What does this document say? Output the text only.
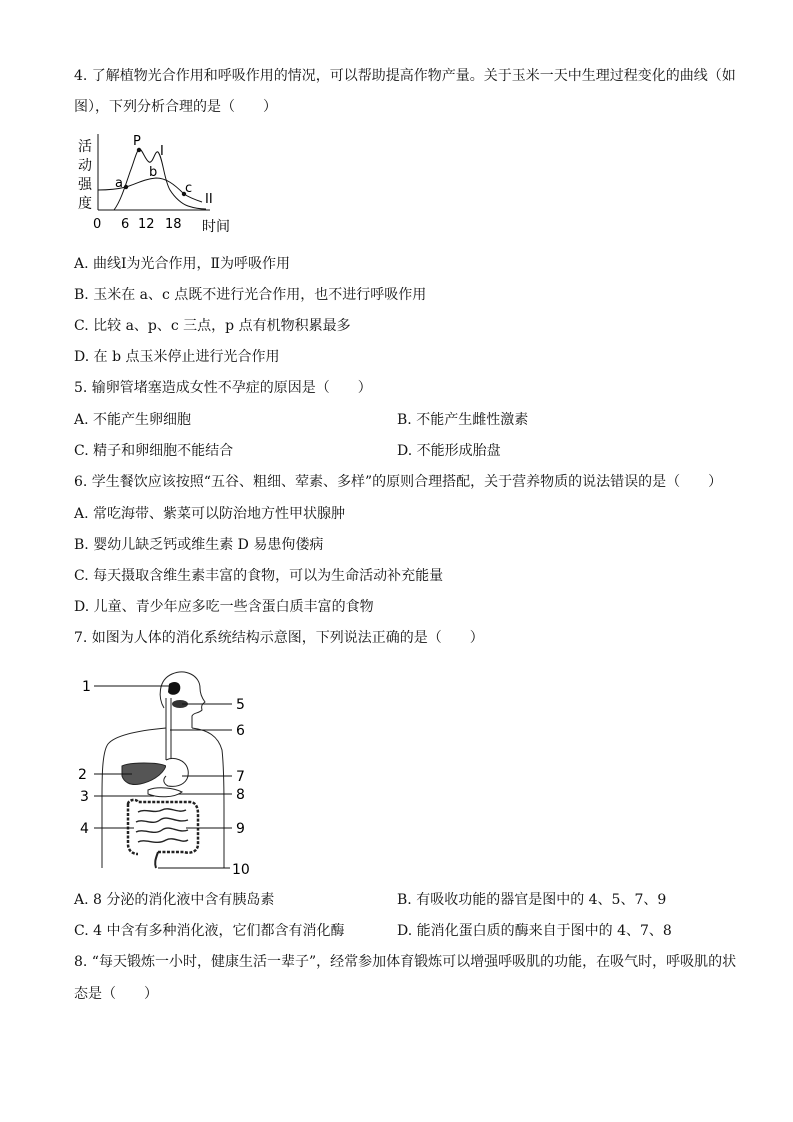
4. 了解植物光合作用和呼吸作用的情况，可以帮助提高作物产量。关于玉米一天中生理过程变化的曲线（如
图），下列分析合理的是（　　）
活
动
强
度
P
a
b
c
I
II
0 6 12 18 时间
A. 曲线Ⅰ为光合作用，Ⅱ为呼吸作用
B. 玉米在 a、c 点既不进行光合作用，也不进行呼吸作用
C. 比较 a、p、c 三点，p 点有机物积累最多
D. 在 b 点玉米停止进行光合作用
5. 输卵管堵塞造成女性不孕症的原因是（　　）
A. 不能产生卵细胞	B. 不能产生雌性激素
C. 精子和卵细胞不能结合	D. 不能形成胎盘
6. 学生餐饮应该按照“五谷、粗细、荤素、多样”的原则合理搭配，关于营养物质的说法错误的是（　　）
A. 常吃海带、紫菜可以防治地方性甲状腺肿
B. 婴幼儿缺乏钙或维生素 D 易患佝偻病
C. 每天摄取含维生素丰富的食物，可以为生命活动补充能量
D. 儿童、青少年应多吃一些含蛋白质丰富的食物
7. 如图为人体的消化系统结构示意图，下列说法正确的是（　　）
1
2
3
4
5
6
7
8
9
10
A. 8 分泌的消化液中含有胰岛素	B. 有吸收功能的器官是图中的 4、5、7、9
C. 4 中含有多种消化液，它们都含有消化酶	D. 能消化蛋白质的酶来自于图中的 4、7、8
8. “每天锻炼一小时，健康生活一辈子”，经常参加体育锻炼可以增强呼吸肌的功能，在吸气时，呼吸肌的状
态是（　　）
